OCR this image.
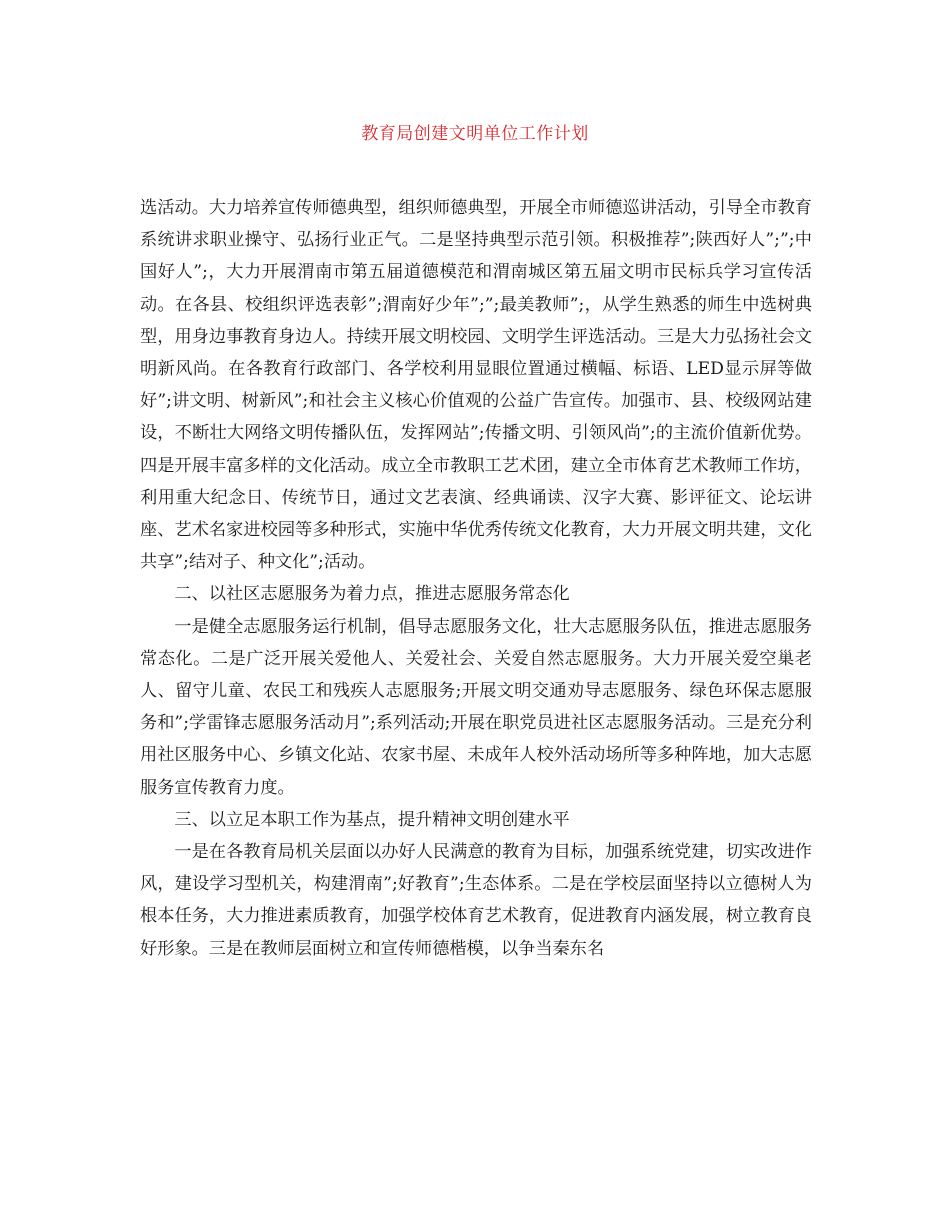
教育局创建文明单位工作计划

选活动。大力培养宣传师德典型，组织师德典型，开展全市师德巡讲活动，引导全市教育系统讲求职业操守、弘扬行业正气。二是坚持典型示范引领。积极推荐”;陕西好人”;”;中国好人”;，大力开展渭南市第五届道德模范和渭南城区第五届文明市民标兵学习宣传活动。在各县、校组织评选表彰”;渭南好少年”;”;最美教师”;，从学生熟悉的师生中选树典型，用身边事教育身边人。持续开展文明校园、文明学生评选活动。三是大力弘扬社会文明新风尚。在各教育行政部门、各学校利用显眼位置通过横幅、标语、LED显示屏等做好”;讲文明、树新风”;和社会主义核心价值观的公益广告宣传。加强市、县、校级网站建设，不断壮大网络文明传播队伍，发挥网站”;传播文明、引领风尚”;的主流价值新优势。四是开展丰富多样的文化活动。成立全市教职工艺术团，建立全市体育艺术教师工作坊，利用重大纪念日、传统节日，通过文艺表演、经典诵读、汉字大赛、影评征文、论坛讲座、艺术名家进校园等多种形式，实施中华优秀传统文化教育，大力开展文明共建，文化共享”;结对子、种文化”;活动。

二、以社区志愿服务为着力点，推进志愿服务常态化

一是健全志愿服务运行机制，倡导志愿服务文化，壮大志愿服务队伍，推进志愿服务常态化。二是广泛开展关爱他人、关爱社会、关爱自然志愿服务。大力开展关爱空巢老人、留守儿童、农民工和残疾人志愿服务;开展文明交通劝导志愿服务、绿色环保志愿服务和”;学雷锋志愿服务活动月”;系列活动;开展在职党员进社区志愿服务活动。三是充分利用社区服务中心、乡镇文化站、农家书屋、未成年人校外活动场所等多种阵地，加大志愿服务宣传教育力度。

三、以立足本职工作为基点，提升精神文明创建水平

一是在各教育局机关层面以办好人民满意的教育为目标，加强系统党建，切实改进作风，建设学习型机关，构建渭南”;好教育”;生态体系。二是在学校层面坚持以立德树人为根本任务，大力推进素质教育，加强学校体育艺术教育，促进教育内涵发展，树立教育良好形象。三是在教师层面树立和宣传师德楷模，以争当秦东名
